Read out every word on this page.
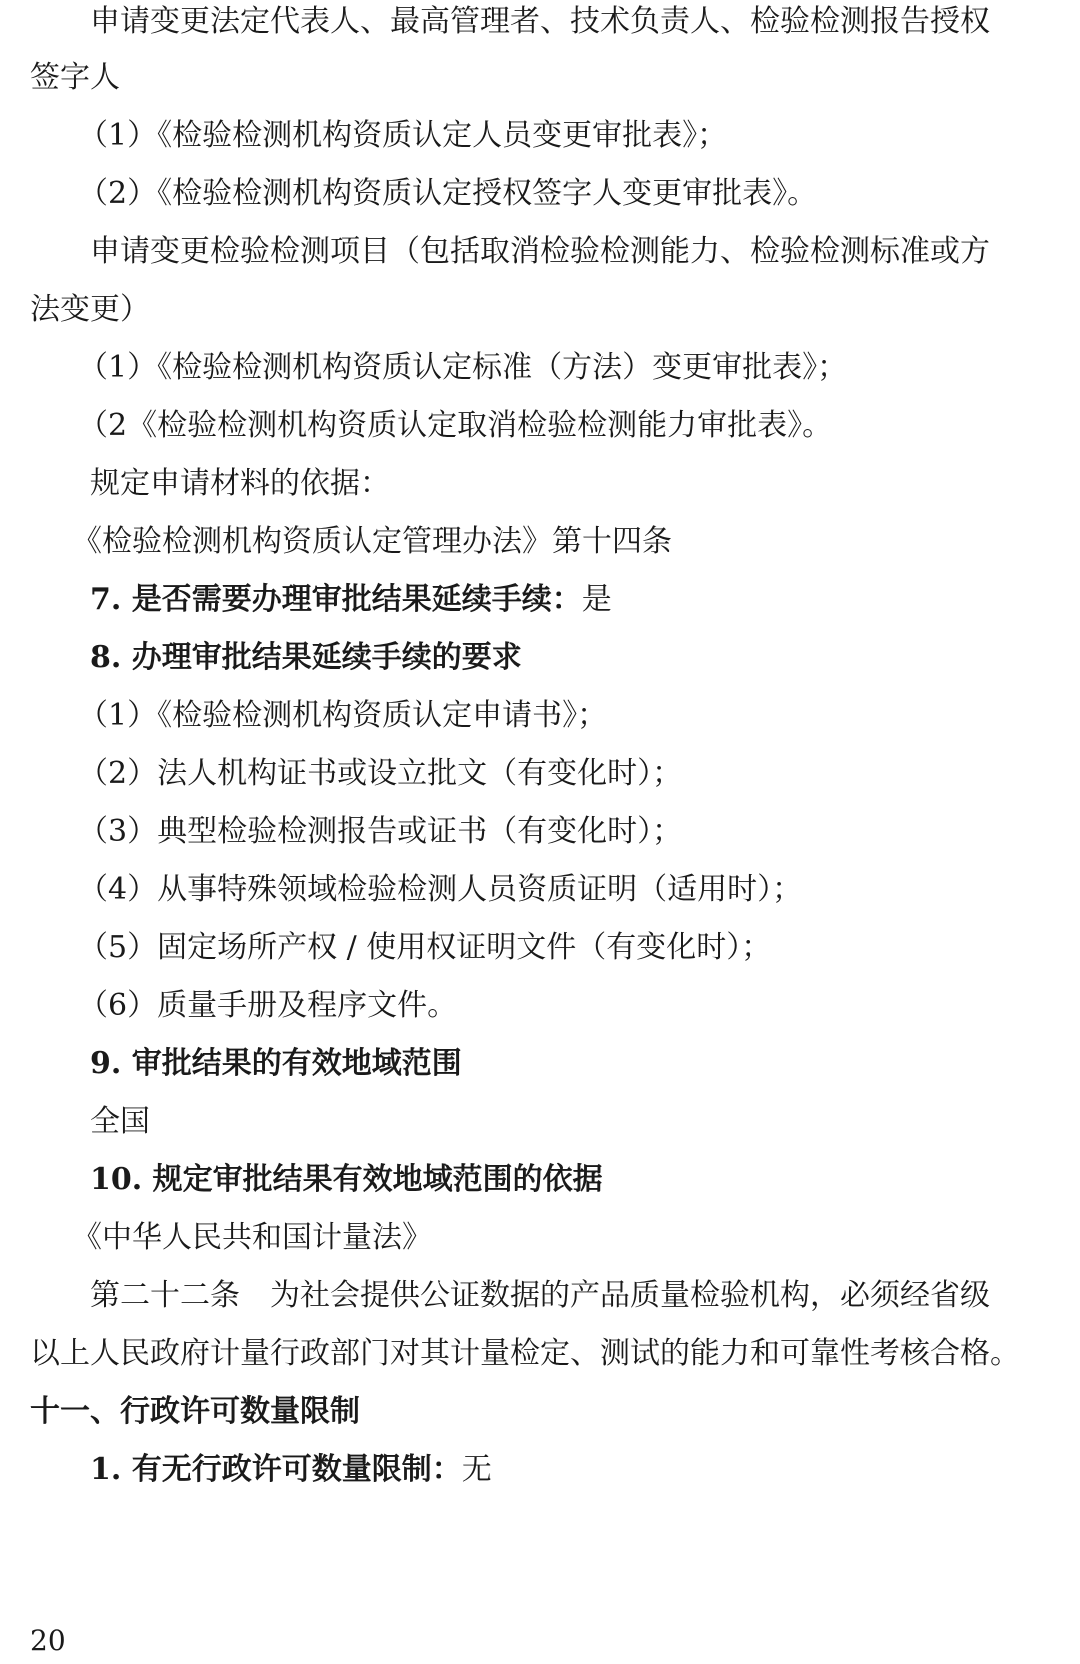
申请变更法定代表人、最高管理者、技术负责人、检验检测报告授权
签字人
（1）《检验检测机构资质认定人员变更审批表》；
（2）《检验检测机构资质认定授权签字人变更审批表》。
申请变更检验检测项目（包括取消检验检测能力、检验检测标准或方
法变更）
（1）《检验检测机构资质认定标准（方法）变更审批表》；
（2《检验检测机构资质认定取消检验检测能力审批表》。
规定申请材料的依据：
《检验检测机构资质认定管理办法》第十四条
7. 是否需要办理审批结果延续手续：是
8. 办理审批结果延续手续的要求
（1）《检验检测机构资质认定申请书》；
（2）法人机构证书或设立批文（有变化时）；
（3）典型检验检测报告或证书（有变化时）；
（4）从事特殊领域检验检测人员资质证明（适用时）；
（5）固定场所产权 / 使用权证明文件（有变化时）；
（6）质量手册及程序文件。
9. 审批结果的有效地域范围
全国
10. 规定审批结果有效地域范围的依据
《中华人民共和国计量法》
第二十二条　为社会提供公证数据的产品质量检验机构，必须经省级
以上人民政府计量行政部门对其计量检定、测试的能力和可靠性考核合格。
十一、行政许可数量限制
1. 有无行政许可数量限制：无
20
